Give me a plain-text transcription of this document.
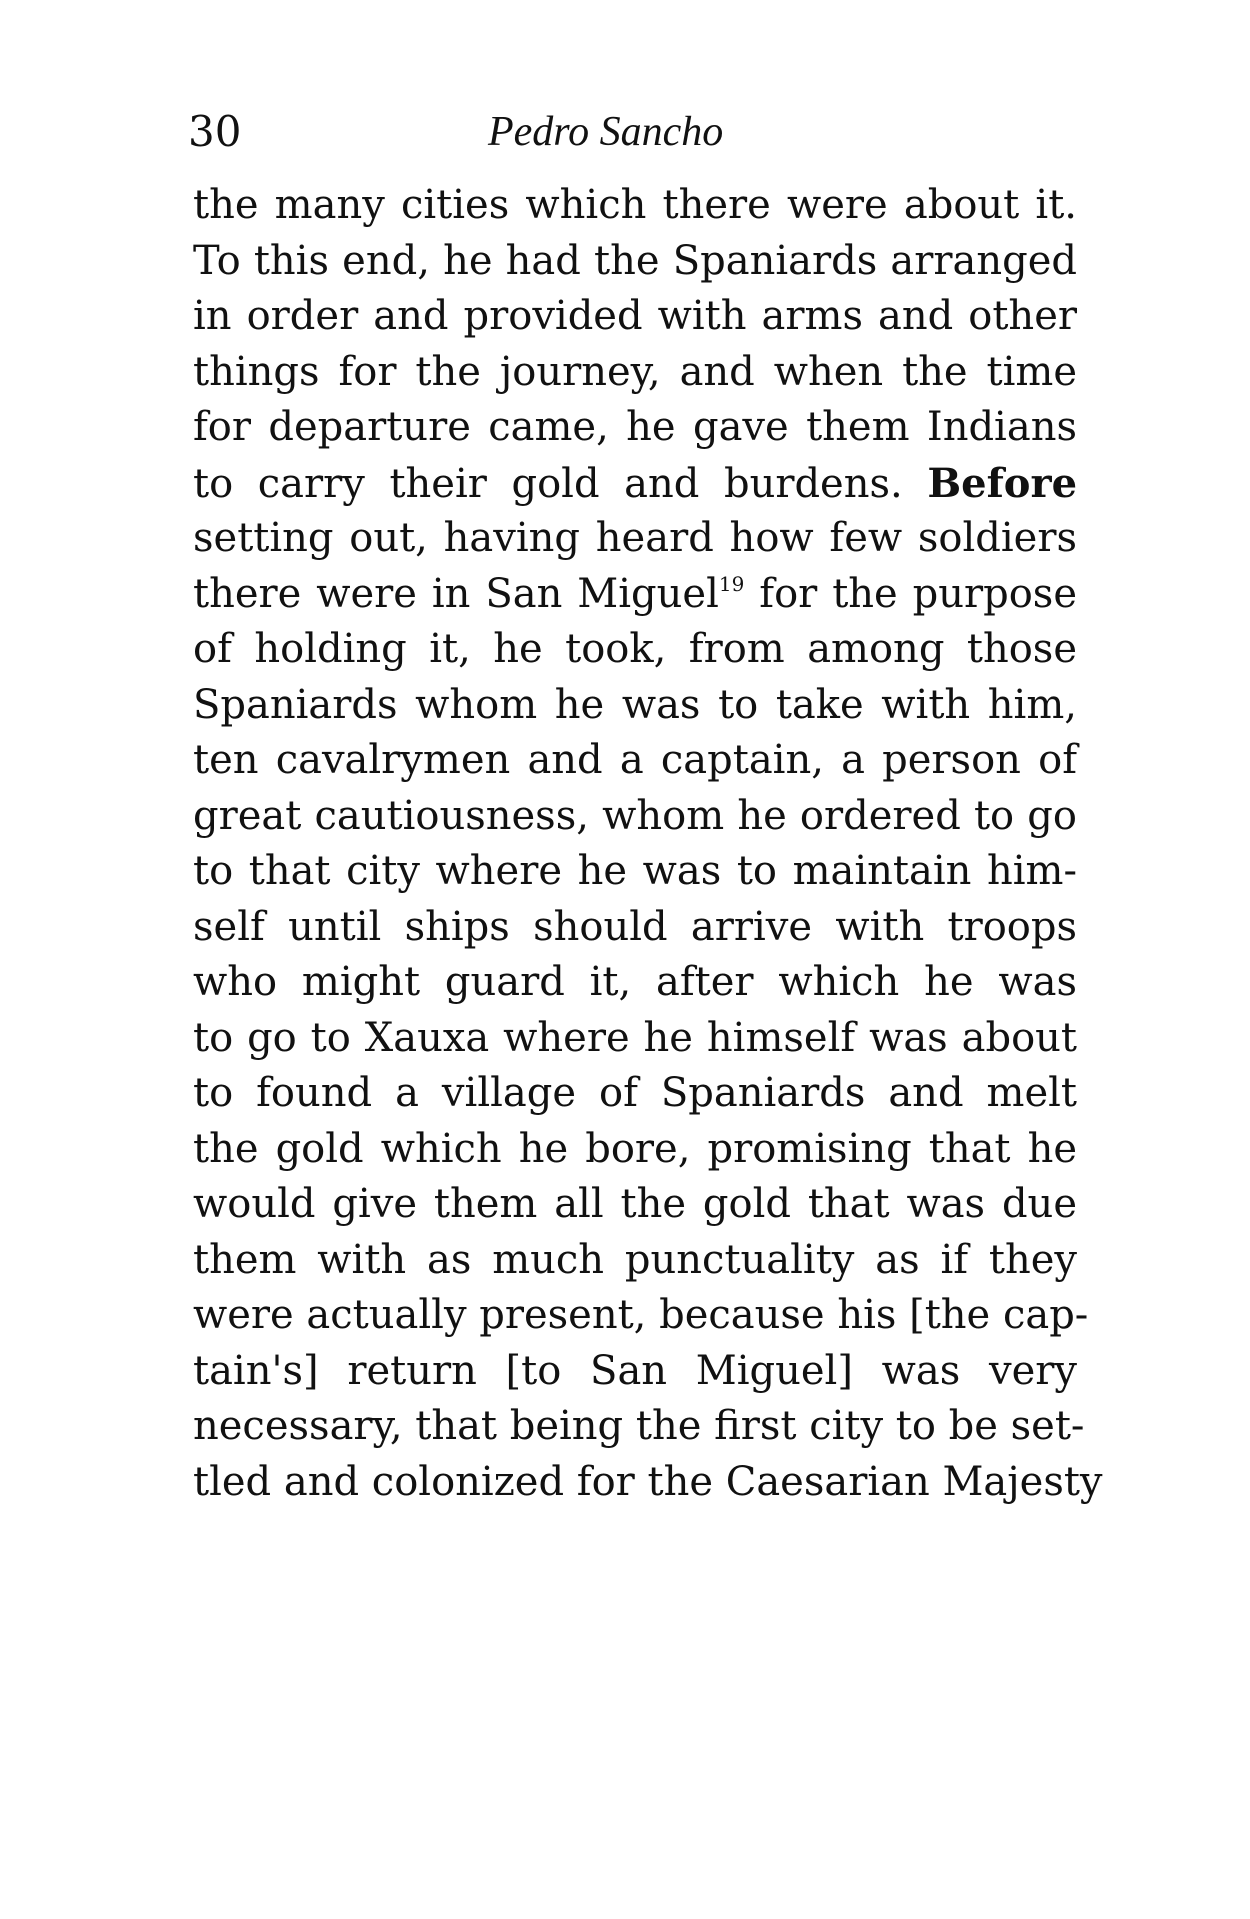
30	Pedro Sancho
the many cities which there were about it.
To this end, he had the Spaniards arranged
in order and provided with arms and other
things for the journey, and when the time
for departure came, he gave them Indians
to carry their gold and burdens. Before
setting out, having heard how few soldiers
there were in San Miguel$^{19}$ for the purpose
of holding it, he took, from among those
Spaniards whom he was to take with him,
ten cavalrymen and a captain, a person of
great cautiousness, whom he ordered to go
to that city where he was to maintain him-
self until ships should arrive with troops
who might guard it, after which he was
to go to Xauxa where he himself was about
to found a village of Spaniards and melt
the gold which he bore, promising that he
would give them all the gold that was due
them with as much punctuality as if they
were actually present, because his [the cap-
tain's] return [to San Miguel] was very
necessary, that being the first city to be set-
tled and colonized for the Caesarian Majesty
